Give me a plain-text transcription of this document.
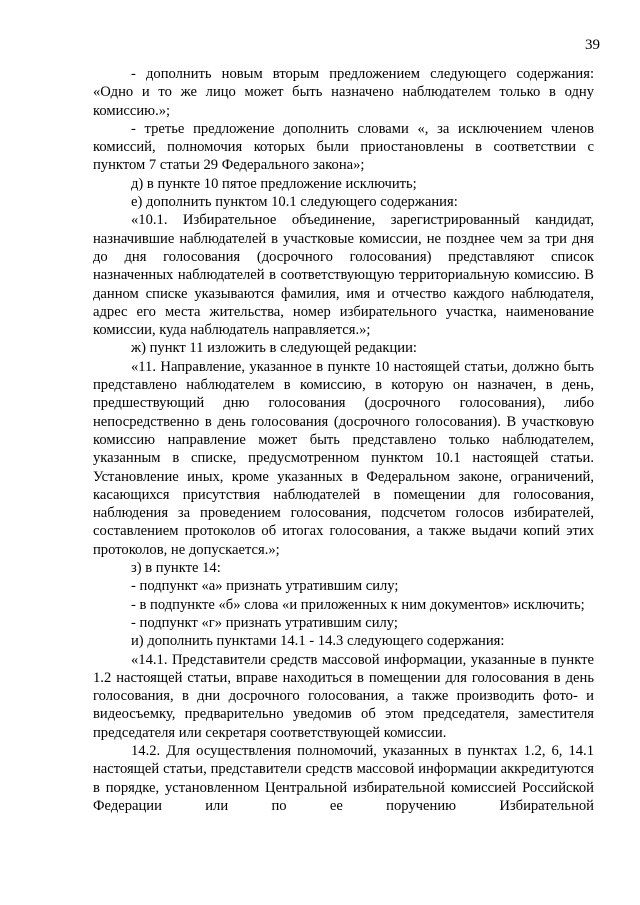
39

- дополнить новым вторым предложением следующего содержания: «Одно и то же лицо может быть назначено наблюдателем только в одну комиссию.»;

- третье предложение дополнить словами «, за исключением членов комиссий, полномочия которых были приостановлены в соответствии с пунктом 7 статьи 29 Федерального закона»;

д) в пункте 10 пятое предложение исключить;

е) дополнить пунктом 10.1 следующего содержания:

«10.1. Избирательное объединение, зарегистрированный кандидат, назначившие наблюдателей в участковые комиссии, не позднее чем за три дня до дня голосования (досрочного голосования) представляют список назначенных наблюдателей в соответствующую территориальную комиссию. В данном списке указываются фамилия, имя и отчество каждого наблюдателя, адрес его места жительства, номер избирательного участка, наименование комиссии, куда наблюдатель направляется.»;

ж) пункт 11 изложить в следующей редакции:

«11. Направление, указанное в пункте 10 настоящей статьи, должно быть представлено наблюдателем в комиссию, в которую он назначен, в день, предшествующий дню голосования (досрочного голосования), либо непосредственно в день голосования (досрочного голосования). В участковую комиссию направление может быть представлено только наблюдателем, указанным в списке, предусмотренном пунктом 10.1 настоящей статьи. Установление иных, кроме указанных в Федеральном законе, ограничений, касающихся присутствия наблюдателей в помещении для голосования, наблюдения за проведением голосования, подсчетом голосов избирателей, составлением протоколов об итогах голосования, а также выдачи копий этих протоколов, не допускается.»;

з) в пункте 14:

- подпункт «а» признать утратившим силу;

- в подпункте «б» слова «и приложенных к ним документов» исключить;

- подпункт «г» признать утратившим силу;

и) дополнить пунктами 14.1 - 14.3 следующего содержания:

«14.1. Представители средств массовой информации, указанные в пункте 1.2 настоящей статьи, вправе находиться в помещении для голосования в день голосования, в дни досрочного голосования, а также производить фото- и видеосъемку, предварительно уведомив об этом председателя, заместителя председателя или секретаря соответствующей комиссии.

14.2. Для осуществления полномочий, указанных в пунктах 1.2, 6, 14.1 настоящей статьи, представители средств массовой информации аккредитуются в порядке, установленном Центральной избирательной комиссией Российской Федерации или по ее поручению Избирательной
